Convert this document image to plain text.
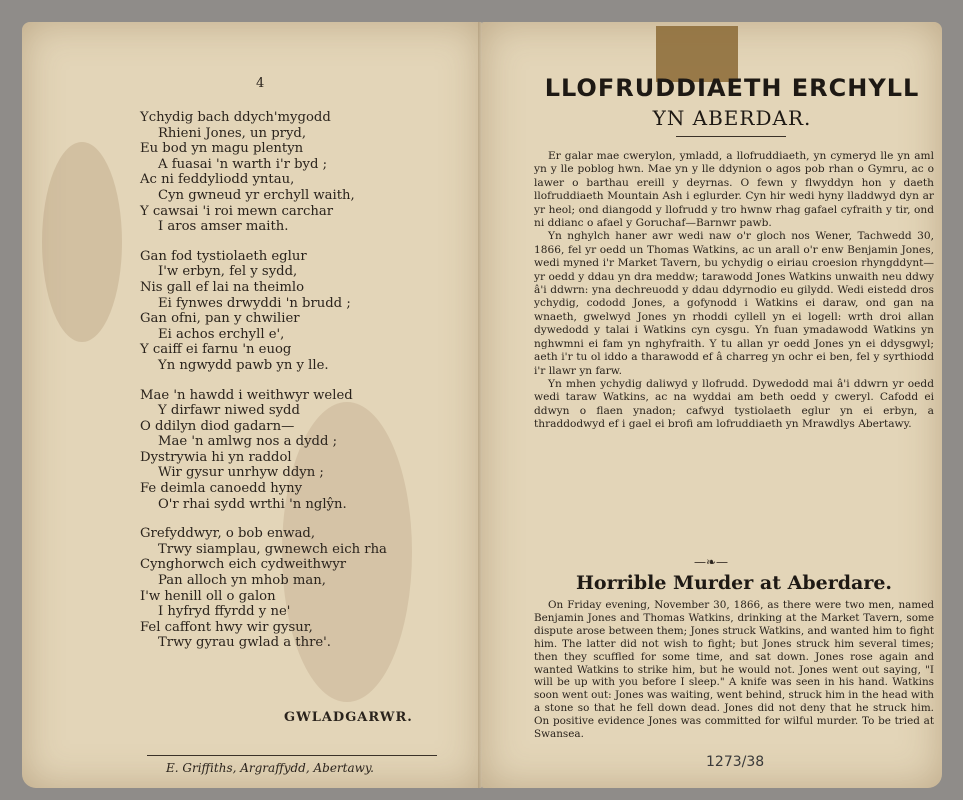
4
Ychydig bach ddych'mygodd
Rhieni Jones, un pryd,
Eu bod yn magu plentyn
A fuasai 'n warth i'r byd ;
Ac ni feddyliodd yntau,
Cyn gwneud yr erchyll waith,
Y cawsai 'i roi mewn carchar
I aros amser maith.
Gan fod tystiolaeth eglur
I'w erbyn, fel y sydd,
Nis gall ef lai na theimlo
Ei fynwes drwyddi 'n brudd ;
Gan ofni, pan y chwilier
Ei achos erchyll e',
Y caiff ei farnu 'n euog
Yn ngwydd pawb yn y lle.
Mae 'n hawdd i weithwyr weled
Y dirfawr niwed sydd
O ddilyn diod gadarn—
Mae 'n amlwg nos a dydd ;
Dystrywia hi yn raddol
Wir gysur unrhyw ddyn ;
Fe deimla canoedd hyny
O'r rhai sydd wrthi 'n nglŷn.
Grefyddwyr, o bob enwad,
Trwy siamplau, gwnewch eich rha
Cynghorwch eich cydweithwyr
Pan alloch yn mhob man,
I'w henill oll o galon
I hyfryd ffyrdd y ne'
Fel caffont hwy wir gysur,
Trwy gyrau gwlad a thre'.
GWLADGARWR.
E. Griffiths, Argraffydd, Abertawy.
LLOFRUDDIAETH ERCHYLL
YN ABERDAR.

Er galar mae cwerylon, ymladd, a llofruddiaeth, yn cymeryd lle yn aml yn y lle poblog hwn. Mae yn y lle ddynion o agos pob rhan o Gymru, ac o lawer o barthau ereill y deyrnas. O fewn y flwyddyn hon y daeth llofruddiaeth Mountain Ash i eglurder. Cyn hir wedi hyny lladdwyd dyn ar yr heol; ond diangodd y llofrudd y tro hwnw rhag gafael cyfraith y tir, ond ni ddianc o afael y Goruchaf—Barnwr pawb.

Yn nghylch haner awr wedi naw o'r gloch nos Wener, Tachwedd 30, 1866, fel yr oedd un Thomas Watkins, ac un arall o'r enw Benjamin Jones, wedi myned i'r Market Tavern, bu ychydig o eiriau croesion rhyngddynt—yr oedd y ddau yn dra meddw; tarawodd Jones Watkins unwaith neu ddwy â'i ddwrn: yna dechreuodd y ddau ddyrnodio eu gilydd. Wedi eistedd dros ychydig, cododd Jones, a gofynodd i Watkins ei daraw, ond gan na wnaeth, gwelwyd Jones yn rhoddi cyllell yn ei logell: wrth droi allan dywedodd y talai i Watkins cyn cysgu. Yn fuan ymadawodd Watkins yn nghwmni ei fam yn nghyfraith. Y tu allan yr oedd Jones yn ei ddysgwyl; aeth i'r tu ol iddo a tharawodd ef â charreg yn ochr ei ben, fel y syrthiodd i'r llawr yn farw.

Yn mhen ychydig daliwyd y llofrudd. Dywedodd mai â'i ddwrn yr oedd wedi taraw Watkins, ac na wyddai am beth oedd y cweryl. Cafodd ei ddwyn o flaen ynadon; cafwyd tystiolaeth eglur yn ei erbyn, a thraddodwyd ef i gael ei brofi am lofruddiaeth yn Mrawdlys Abertawy.

—❧—
Horrible Murder at Aberdare.

On Friday evening, November 30, 1866, as there were two men, named Benjamin Jones and Thomas Watkins, drinking at the Market Tavern, some dispute arose between them; Jones struck Watkins, and wanted him to fight him. The latter did not wish to fight; but Jones struck him several times; then they scuffled for some time, and sat down. Jones rose again and wanted Watkins to strike him, but he would not. Jones went out saying, "I will be up with you before I sleep." A knife was seen in his hand. Watkins soon went out: Jones was waiting, went behind, struck him in the head with a stone so that he fell down dead. Jones did not deny that he struck him. On positive evidence Jones was committed for wilful murder. To be tried at Swansea.

1273/38
